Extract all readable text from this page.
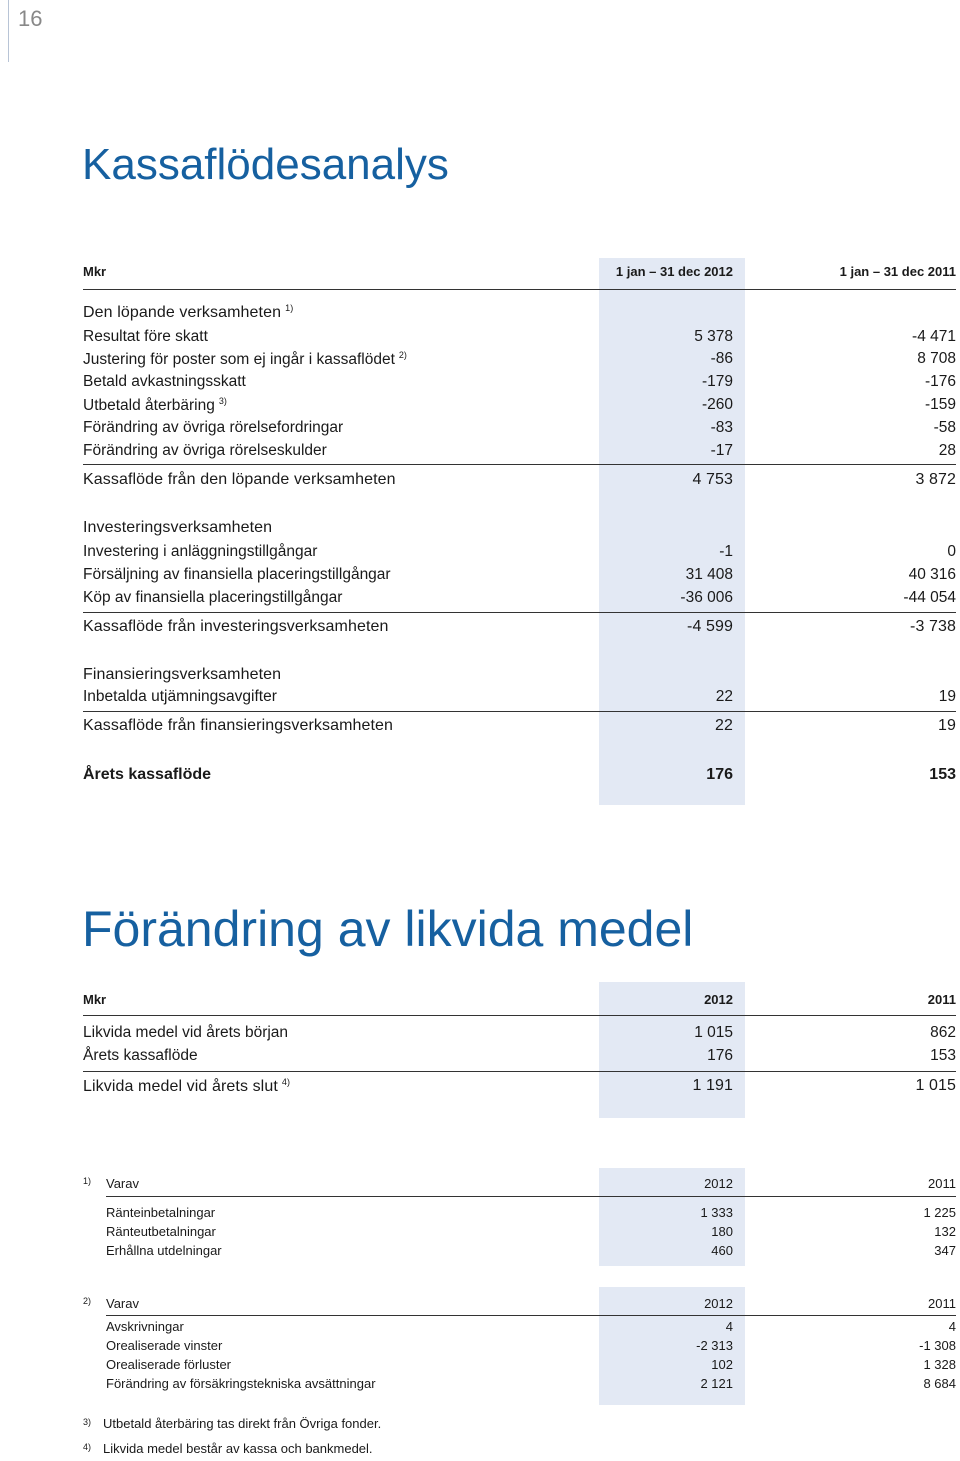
16
Kassaflödesanalys
Mkr	1 jan – 31 dec 2012	1 jan – 31 dec 2011
Den löpande verksamheten $^{1)}$
Resultat före skatt	5 378	-4 471
Justering för poster som ej ingår i kassaflödet $^{2)}$	-86	8 708
Betald avkastningsskatt	-179	-176
Utbetald återbäring $^{3)}$	-260	-159
Förändring av övriga rörelsefordringar	-83	-58
Förändring av övriga rörelseskulder	-17	28
Kassaflöde från den löpande verksamheten	4 753	3 872
Investeringsverksamheten
Investering i anläggningstillgångar	-1	0
Försäljning av finansiella placeringstillgångar	31 408	40 316
Köp av finansiella placeringstillgångar	-36 006	-44 054
Kassaflöde från investeringsverksamheten	-4 599	-3 738
Finansieringsverksamheten
Inbetalda utjämningsavgifter	22	19
Kassaflöde från finansieringsverksamheten	22	19
Årets kassaflöde	176	153
Förändring av likvida medel
Mkr	2012	2011
Likvida medel vid årets början	1 015	862
Årets kassaflöde	176	153
Likvida medel vid årets slut $^{4)}$	1 191	1 015
1) Varav	2012	2011
Ränteinbetalningar	1 333	1 225
Ränteutbetalningar	180	132
Erhållna utdelningar	460	347
2) Varav	2012	2011
Avskrivningar	4	4
Orealiserade vinster	-2 313	-1 308
Orealiserade förluster	102	1 328
Förändring av försäkringstekniska avsättningar	2 121	8 684
3) Utbetald återbäring tas direkt från Övriga fonder.
4) Likvida medel består av kassa och bankmedel.
